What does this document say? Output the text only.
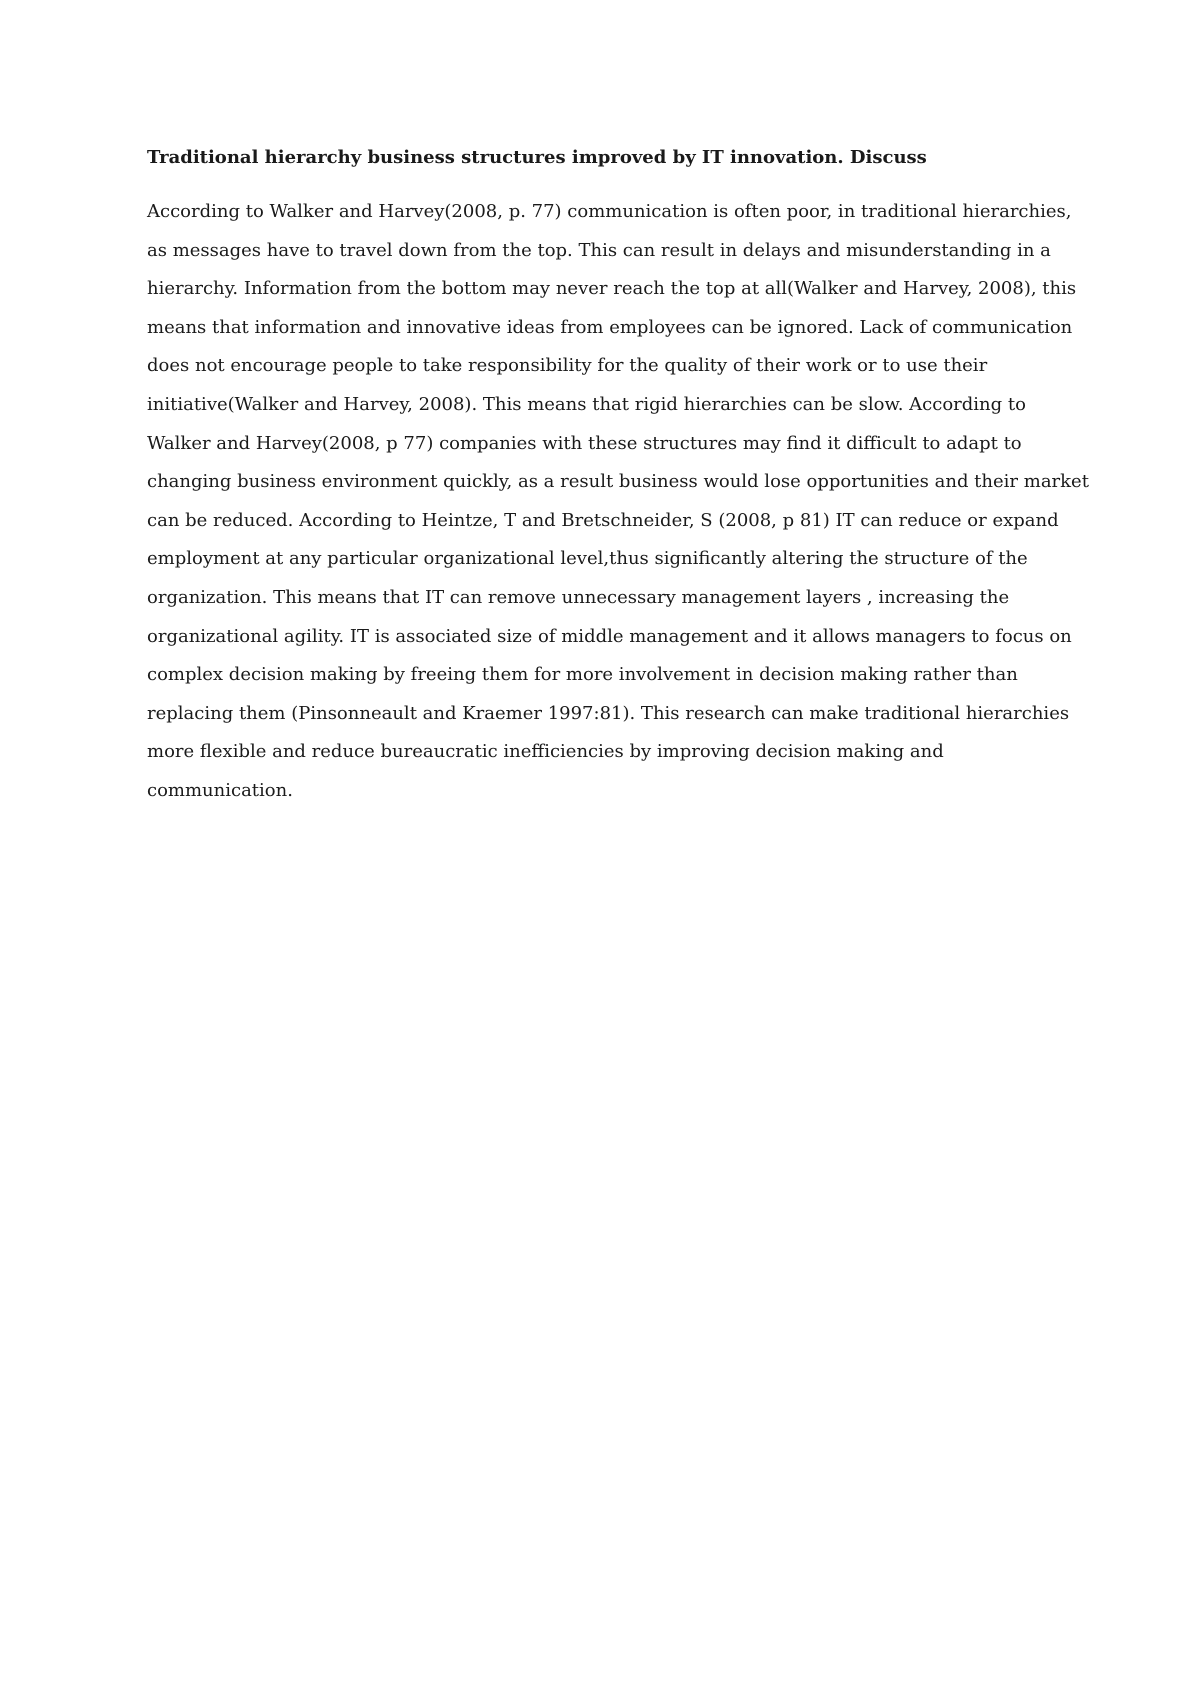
Traditional hierarchy business structures improved by IT innovation. Discuss

According to Walker and Harvey(2008, p. 77) communication is often poor, in traditional hierarchies,
as messages have to travel down from the top. This can result in delays and misunderstanding in a
hierarchy. Information from the bottom may never reach the top at all(Walker and Harvey, 2008), this
means that information and innovative ideas from employees can be ignored. Lack of communication
does not encourage people to take responsibility for the quality of their work or to use their
initiative(Walker and Harvey, 2008). This means that rigid hierarchies can be slow. According to
Walker and Harvey(2008, p 77) companies with these structures may find it difficult to adapt to
changing business environment quickly, as a result business would lose opportunities and their market
can be reduced. According to Heintze, T and Bretschneider, S (2008, p 81) IT can reduce or expand
employment at any particular organizational level,thus significantly altering the structure of the
organization. This means that IT can remove unnecessary management layers , increasing the
organizational agility. IT is associated size of middle management and it allows managers to focus on
complex decision making by freeing them for more involvement in decision making rather than
replacing them (Pinsonneault and Kraemer 1997:81). This research can make traditional hierarchies
more flexible and reduce bureaucratic inefficiencies by improving decision making and
communication.
